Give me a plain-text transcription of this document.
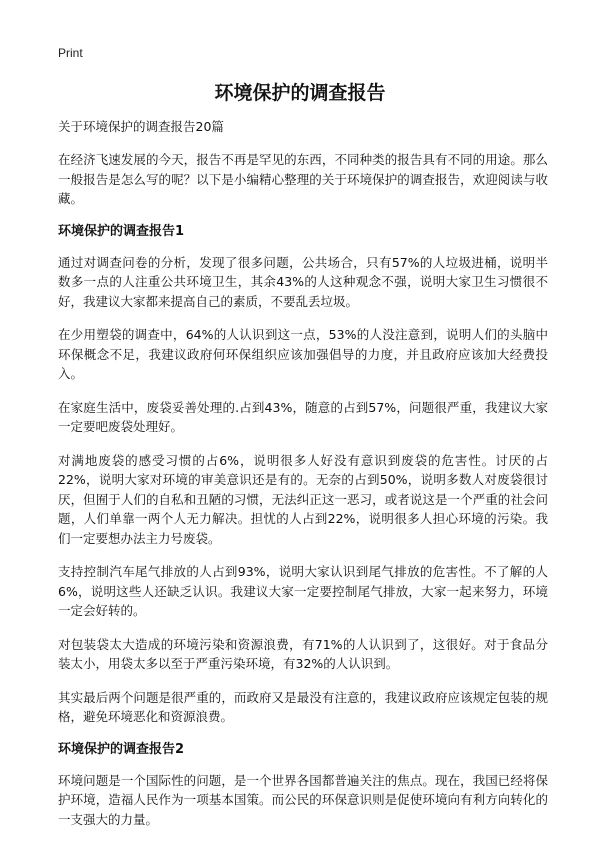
Print
环境保护的调查报告
关于环境保护的调查报告20篇

在经济飞速发展的今天，报告不再是罕见的东西，不同种类的报告具有不同的用途。那么一般报告是怎么写的呢？以下是小编精心整理的关于环境保护的调查报告，欢迎阅读与收藏。

环境保护的调查报告1

通过对调查问卷的分析，发现了很多问题，公共场合，只有57%的人垃圾进桶，说明半数多一点的人注重公共环境卫生，其余43%的人这种观念不强，说明大家卫生习惯很不好，我建议大家都来提高自己的素质，不要乱丢垃圾。

在少用塑袋的调查中，64%的人认识到这一点，53%的人没注意到，说明人们的头脑中环保概念不足，我建议政府何环保组织应该加强倡导的力度，并且政府应该加大经费投入。

在家庭生活中，废袋妥善处理的.占到43%，随意的占到57%，问题很严重，我建议大家一定要吧废袋处理好。

对满地废袋的感受习惯的占6%，说明很多人好没有意识到废袋的危害性。讨厌的占22%，说明大家对环境的审美意识还是有的。无奈的占到50%，说明多数人对废袋很讨厌，但囿于人们的自私和丑陋的习惯，无法纠正这一恶习，或者说这是一个严重的社会问题，人们单靠一两个人无力解决。担忧的人占到22%，说明很多人担心环境的污染。我们一定要想办法主力号废袋。

支持控制汽车尾气排放的人占到93%，说明大家认识到尾气排放的危害性。不了解的人6%，说明这些人还缺乏认识。我建议大家一定要控制尾气排放，大家一起来努力，环境一定会好转的。

对包装袋太大造成的环境污染和资源浪费，有71%的人认识到了，这很好。对于食品分装太小，用袋太多以至于严重污染环境，有32%的人认识到。

其实最后两个问题是很严重的，而政府又是最没有注意的，我建议政府应该规定包装的规格，避免环境恶化和资源浪费。

环境保护的调查报告2

环境问题是一个国际性的问题，是一个世界各国都普遍关注的焦点。现在，我国已经将保护环境，造福人民作为一项基本国策。而公民的环保意识则是促使环境向有利方向转化的一支强大的力量。
